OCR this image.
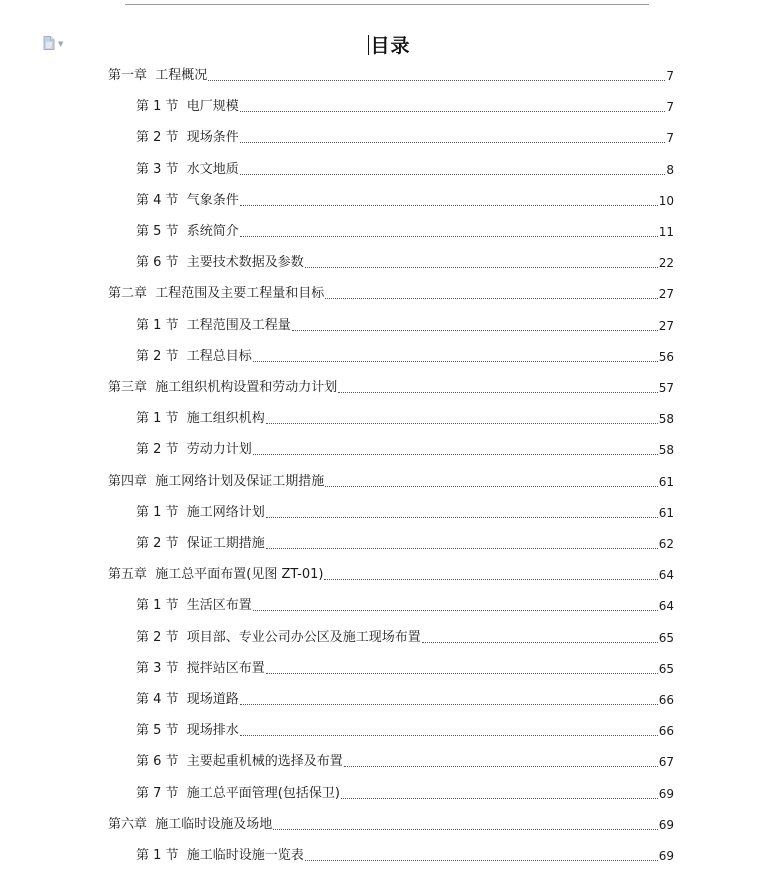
▼	目录
第一章  工程概况	7
第 1 节  电厂规模	7
第 2 节  现场条件	7
第 3 节  水文地质	8
第 4 节  气象条件	10
第 5 节  系统简介	11
第 6 节  主要技术数据及参数	22
第二章  工程范围及主要工程量和目标	27
第 1 节  工程范围及工程量	27
第 2 节  工程总目标	56
第三章  施工组织机构设置和劳动力计划	57
第 1 节  施工组织机构	58
第 2 节  劳动力计划	58
第四章  施工网络计划及保证工期措施	61
第 1 节  施工网络计划	61
第 2 节  保证工期措施	62
第五章  施工总平面布置(见图 ZT-01)	64
第 1 节  生活区布置	64
第 2 节  项目部、专业公司办公区及施工现场布置	65
第 3 节  搅拌站区布置	65
第 4 节  现场道路	66
第 5 节  现场排水	66
第 6 节  主要起重机械的选择及布置	67
第 7 节  施工总平面管理(包括保卫)	69
第六章  施工临时设施及场地	69
第 1 节  施工临时设施一览表	69
